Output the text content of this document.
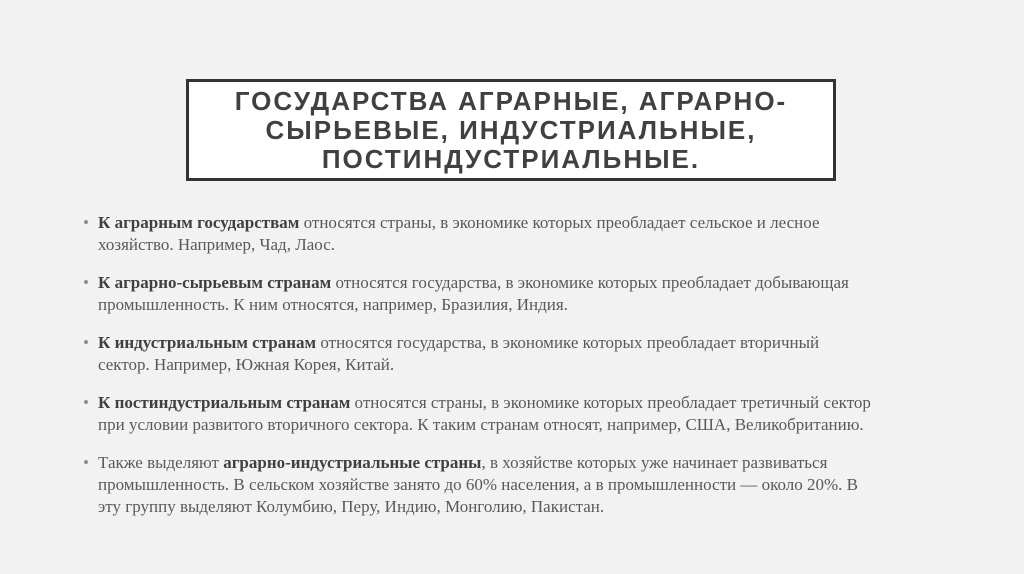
ГОСУДАРСТВА АГРАРНЫЕ, АГРАРНО-
СЫРЬЕВЫЕ, ИНДУСТРИАЛЬНЫЕ,
ПОСТИНДУСТРИАЛЬНЫЕ.
• К аграрным государствам относятся страны, в экономике которых преобладает сельское и лесное
хозяйство. Например, Чад, Лаос.
• К аграрно-сырьевым странам относятся государства, в экономике которых преобладает добывающая
промышленность. К ним относятся, например, Бразилия, Индия.
• К индустриальным странам относятся государства, в экономике которых преобладает вторичный
сектор. Например, Южная Корея, Китай.
• К постиндустриальным странам относятся страны, в экономике которых преобладает третичный сектор
при условии развитого вторичного сектора. К таким странам относят, например, США, Великобританию.
• Также выделяют аграрно-индустриальные страны, в хозяйстве которых уже начинает развиваться
промышленность. В сельском хозяйстве занято до 60% населения, а в промышленности — около 20%. В
эту группу выделяют Колумбию, Перу, Индию, Монголию, Пакистан.
